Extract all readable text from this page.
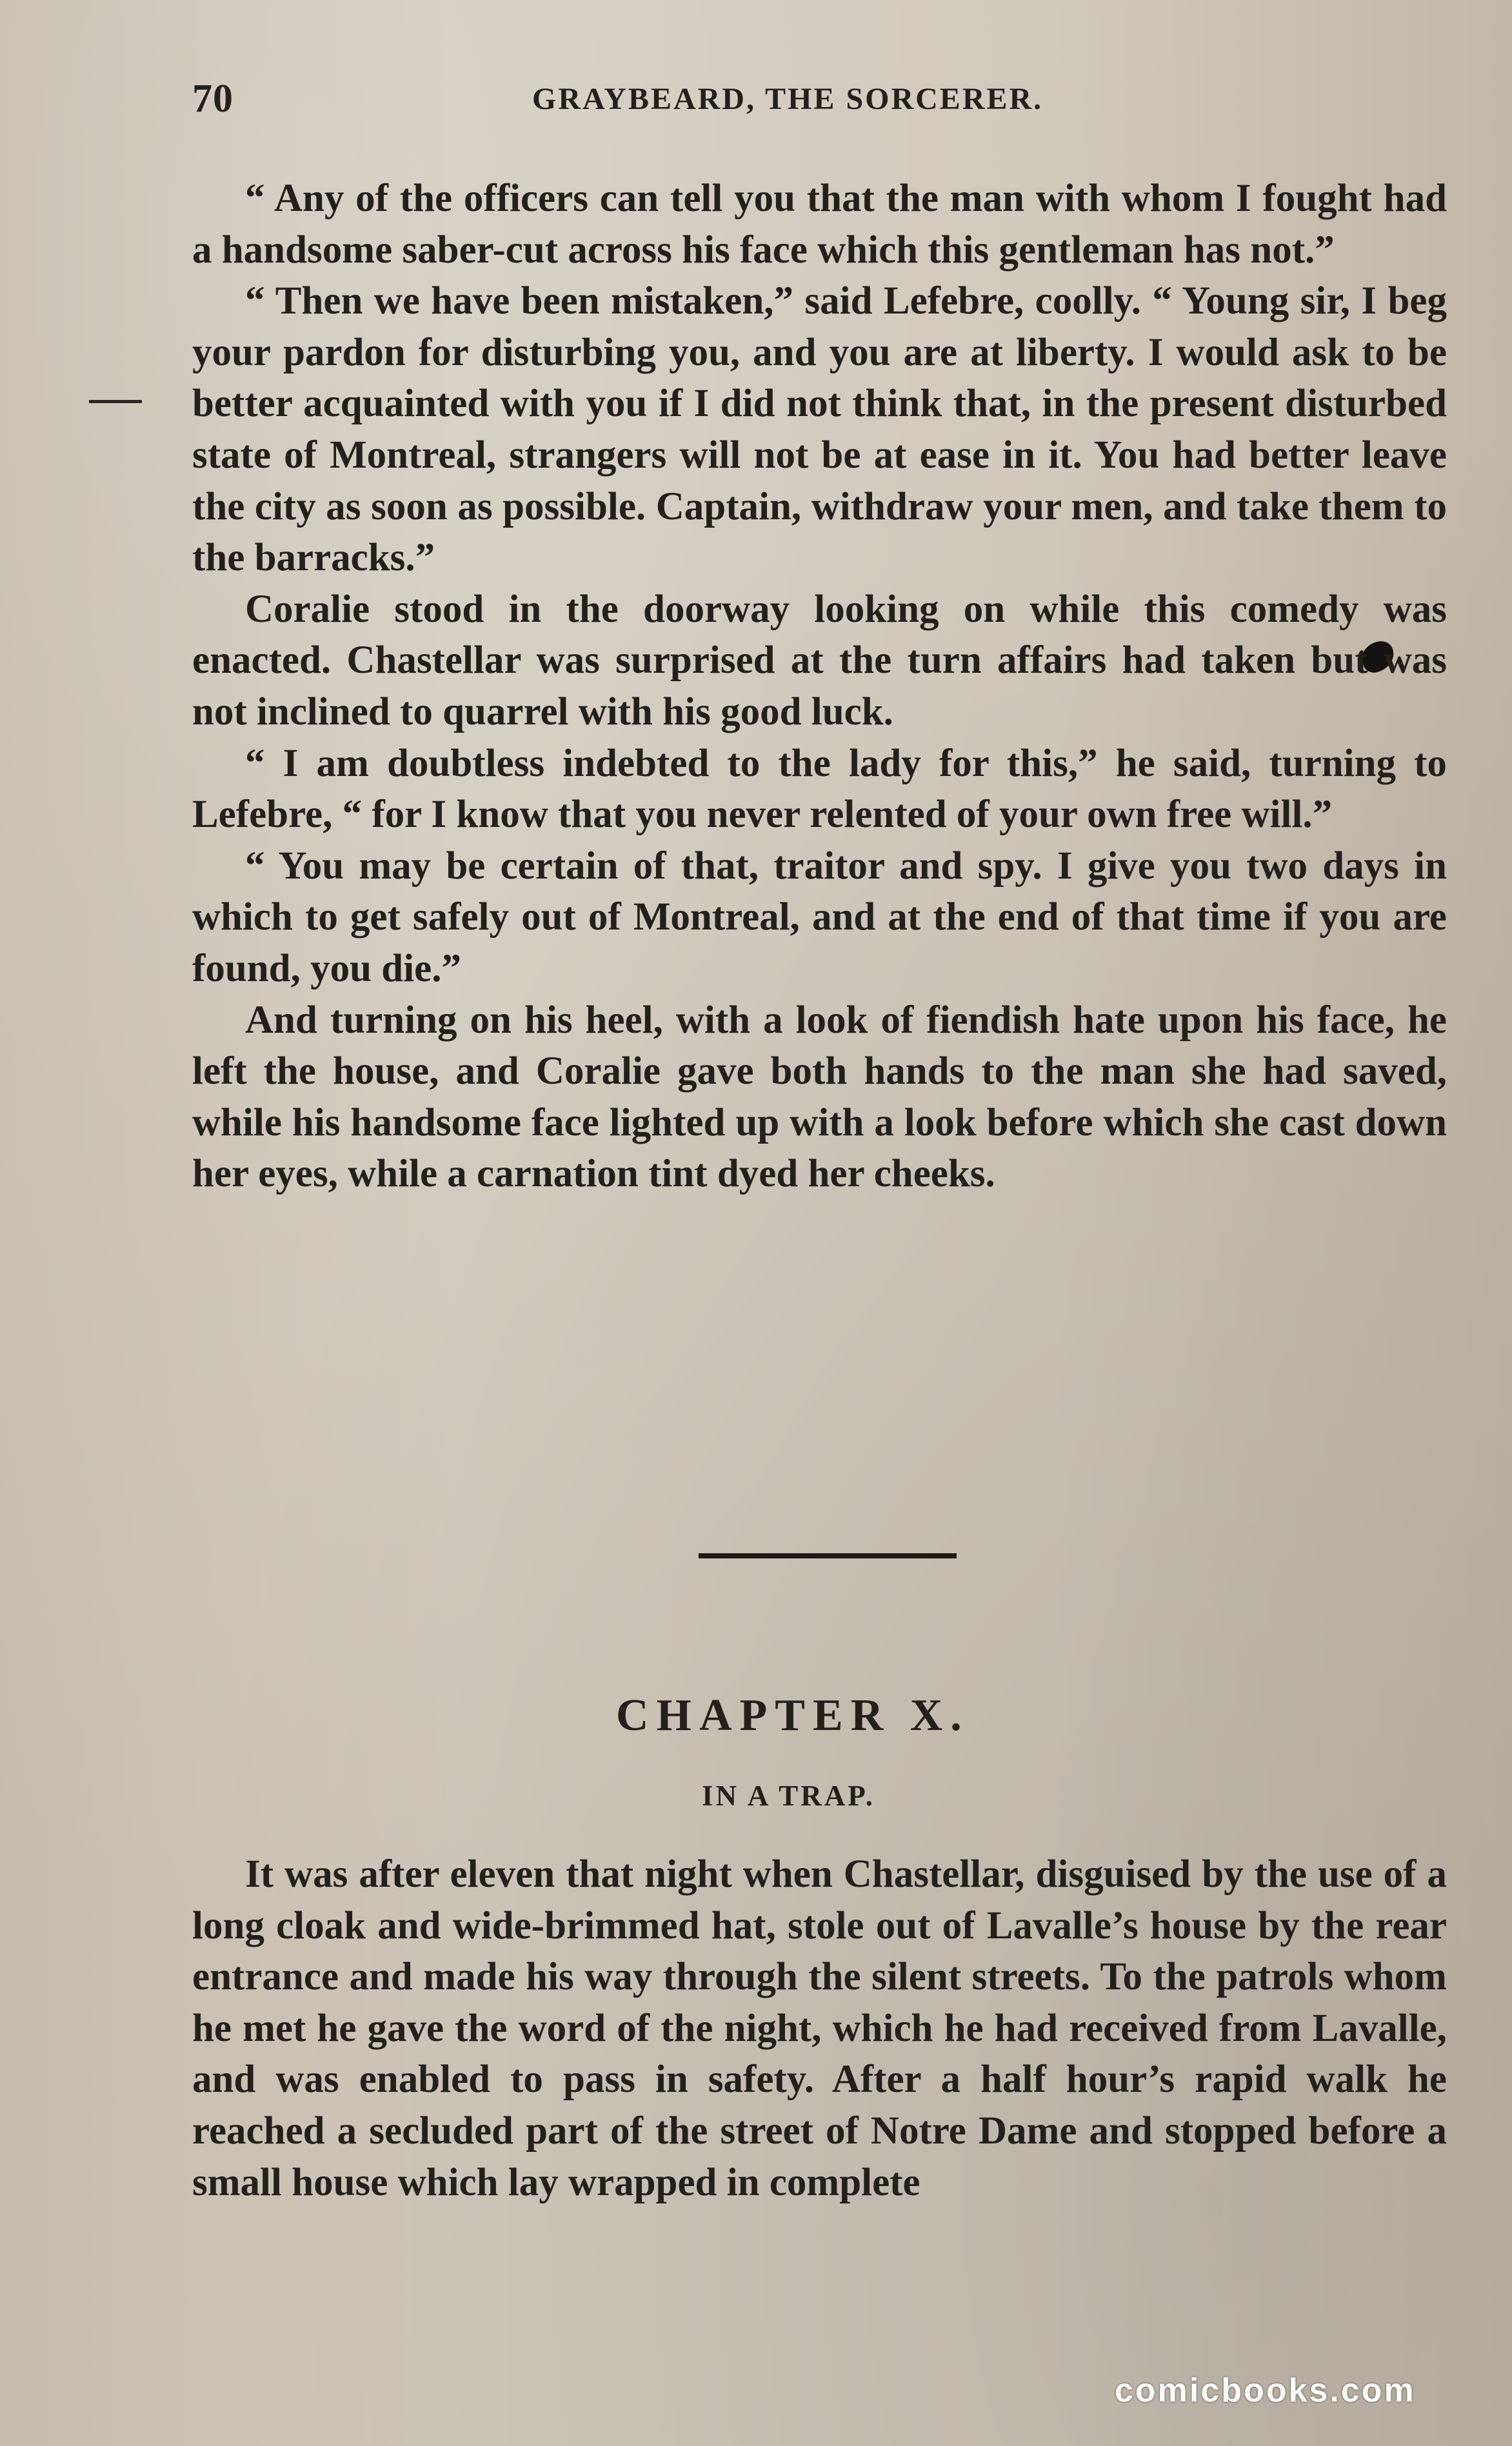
70	GRAYBEARD, THE SORCERER.

“ Any of the officers can tell you that the man with whom I fought had a handsome saber-cut across his face which this gentleman has not.”

“ Then we have been mistaken,” said Lefebre, coolly. “ Young sir, I beg your pardon for disturbing you, and you are at liberty. I would ask to be better acquainted with you if I did not think that, in the present disturbed state of Montreal, strangers will not be at ease in it. You had better leave the city as soon as possible. Captain, withdraw your men, and take them to the barracks.”

Coralie stood in the doorway looking on while this comedy was enacted. Chastellar was surprised at the turn affairs had taken but was not inclined to quarrel with his good luck.

“ I am doubtless indebted to the lady for this,” he said, turning to Lefebre, “ for I know that you never relented of your own free will.”

“ You may be certain of that, traitor and spy. I give you two days in which to get safely out of Montreal, and at the end of that time if you are found, you die.”

And turning on his heel, with a look of fiendish hate upon his face, he left the house, and Coralie gave both hands to the man she had saved, while his handsome face lighted up with a look before which she cast down her eyes, while a carnation tint dyed her cheeks.

CHAPTER X.
IN A TRAP.

It was after eleven that night when Chastellar, disguised by the use of a long cloak and wide-brimmed hat, stole out of Lavalle’s house by the rear entrance and made his way through the silent streets. To the patrols whom he met he gave the word of the night, which he had received from Lavalle, and was enabled to pass in safety. After a half hour’s rapid walk he reached a secluded part of the street of Notre Dame and stopped before a small house which lay wrapped in complete

comicbooks.com
